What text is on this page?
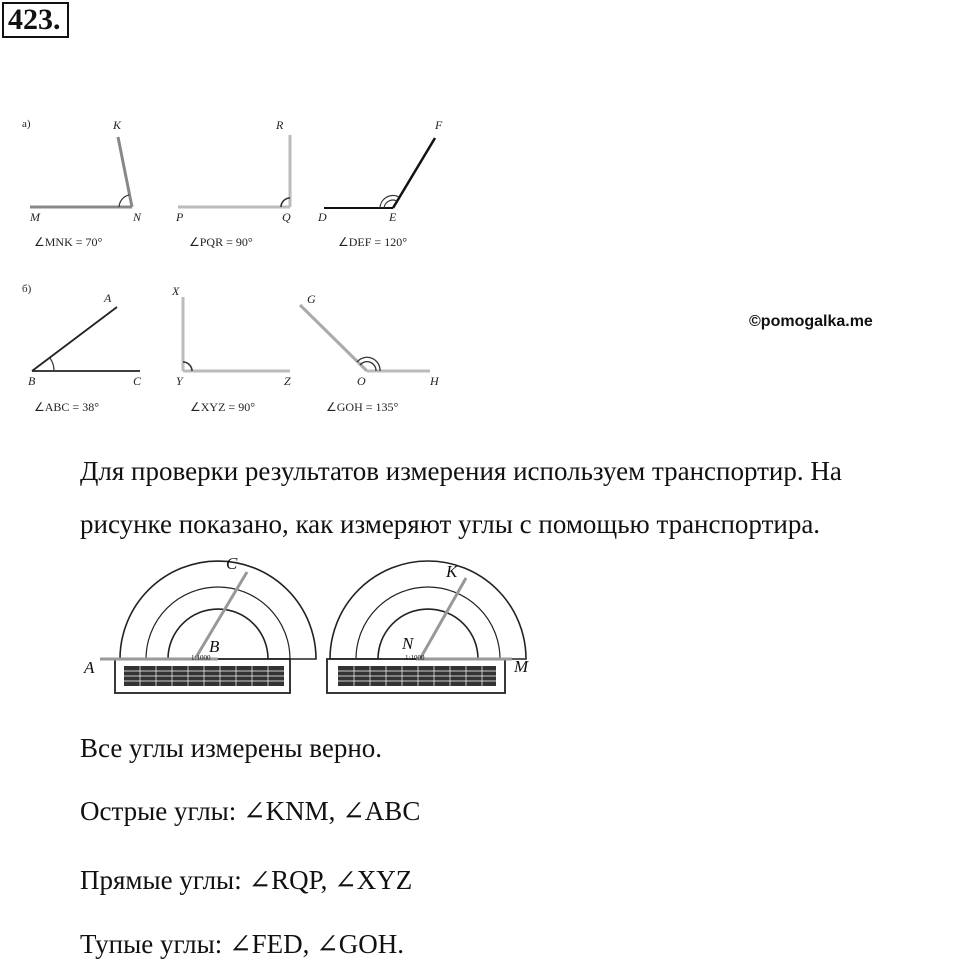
423.
а)
б)
K
M	N
R
P	Q
F
D	E
∠MNK = 70°	∠PQR = 90°	∠DEF = 120°
A
B	C
X
Y	Z
G
O	H
∠ABC = 38°	∠XYZ = 90°	∠GOH = 135°
©pomogalka.me
Для проверки результатов измерения используем транспортир. На
рисунке показано, как измеряют углы с помощью транспортира.
C
B
A	1:1000
K
N
M
1:1000
Все углы измерены верно.
Острые углы: ∠KNM, ∠ABC
Прямые углы: ∠RQP, ∠XYZ
Тупые углы: ∠FED, ∠GOH.
